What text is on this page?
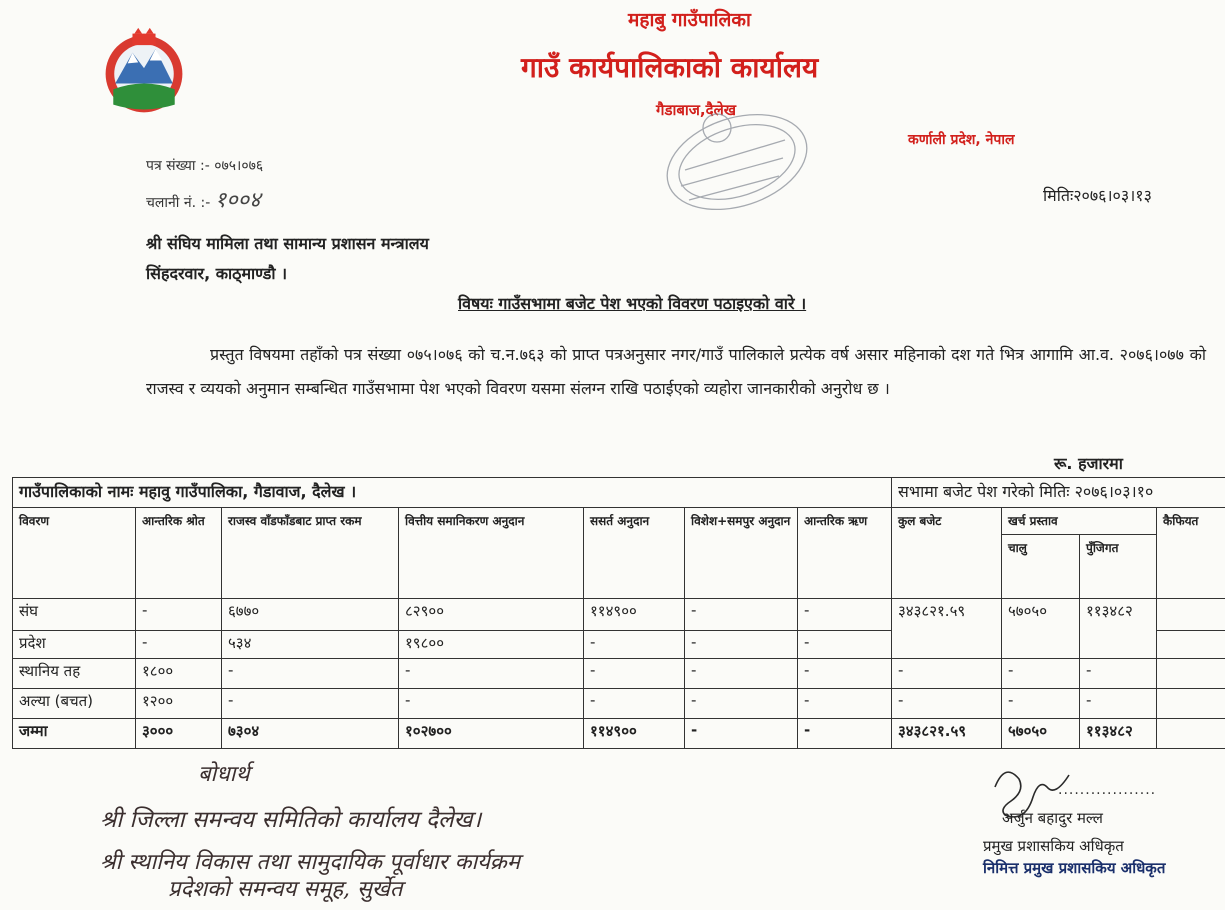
महाबु गाउँपालिका
गाउँ कार्यपालिकाको कार्यालय
गैडाबाज,दैलेख
कर्णाली प्रदेश, नेपाल
पत्र संख्या :- ०७५।०७६
चलानी नं. :- १००४	मितिः२०७६।०३।१३
श्री संघिय मामिला तथा सामान्य प्रशासन मन्त्रालय
सिंहदरवार, काठ्माण्डौ ।
विषयः गाउँसभामा बजेट पेश भएको विवरण पठाइएको वारे ।
प्रस्तुत विषयमा तहाँको पत्र संख्या ०७५।०७६ को च.न.७६३ को प्राप्त पत्रअनुसार नगर/गाउँ पालिकाले प्रत्येक वर्ष असार महिनाको दश गते भित्र आगामि आ.व. २०७६।०७७ को राजस्व र व्ययको अनुमान सम्बन्धित गाउँसभामा पेश भएको विवरण यसमा संलग्न राखि पठाईएको व्यहोरा जानकारीको अनुरोध छ ।
रू. हजारमा
गाउँपालिकाको नामः महावु गाउँपालिका, गैडावाज, दैलेख ।							सभामा बजेट पेश गरेको मितिः २०७६।०३।१०			
विवरण	आन्तरिक श्रोत	राजस्व वाँडफाँडबाट प्राप्त रकम	वित्तीय समानिकरण अनुदान	ससर्त अनुदान	विशेश+समपुर अनुदान	आन्तरिक ऋण	कुल बजेट	खर्च प्रस्ताव		कैफियत
								चालु	पुँजिगत	
संघ	-	६७७०	८२९००	११४९००	-	-	३४३८२१.५९	५७०५०	११३४८२	
प्रदेश	-	५३४	१९८००	-	-	-				
स्थानिय तह	१८००	-	-	-	-	-	-	-	-	
अल्या (बचत)	१२००	-	-	-	-	-	-	-	-	
जम्मा	३०००	७३०४	१०२७००	११४९००	-	-	३४३८२१.५९	५७०५०	११३४८२	
..................
अर्जुन बहादुर मल्ल
प्रमुख प्रशासकिय अधिकृत
निमित्त प्रमुख प्रशासकिय अधिकृत
बोधार्थ
श्री जिल्ला समन्वय समितिको कार्यालय दैलेख।
श्री स्थानिय विकास तथा सामुदायिक पूर्वाधार कार्यक्रम
प्रदेशको समन्वय समूह, सुर्खेत
